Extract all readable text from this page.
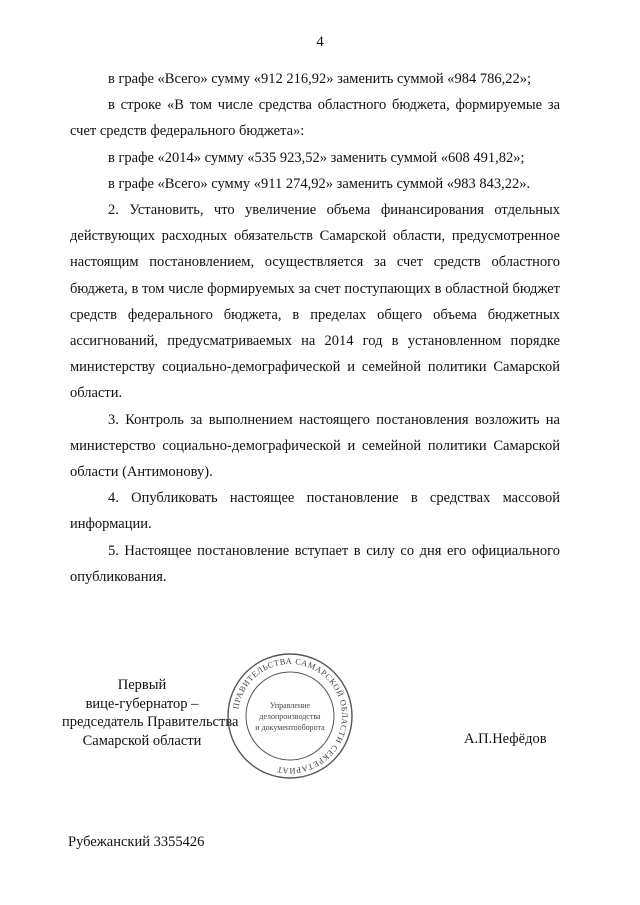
4

в графе «Всего» сумму «912 216,92» заменить суммой «984 786,22»;

в строке «В том числе средства областного бюджета, формируемые за счет средств федерального бюджета»:

в графе «2014» сумму «535 923,52» заменить суммой «608 491,82»;

в графе «Всего» сумму «911 274,92» заменить суммой «983 843,22».

2. Установить, что увеличение объема финансирования отдельных действующих расходных обязательств Самарской области, предусмотренное настоящим постановлением, осуществляется за счет средств областного бюджета, в том числе формируемых за счет поступающих в областной бюджет средств федерального бюджета, в пределах общего объема бюджетных ассигнований, предусматриваемых на 2014 год в установленном порядке министерству социально-демографической и семейной политики Самарской области.

3. Контроль за выполнением настоящего постановления возложить на министерство социально-демографической и семейной политики Самарской области (Антимонову).

4. Опубликовать настоящее постановление в средствах массовой информации.

5. Настоящее постановление вступает в силу со дня его официального опубликования.

Первый
вице-губернатор –
председатель Правительства
Самарской области
ПРАВИТЕЛЬСТВА САМАРСКОЙ ОБЛАСТИ СЕКРЕТАРИАТ
Управление
делопроизводства
и документооборота
А.П.Нефёдов
Рубежанский 3355426
